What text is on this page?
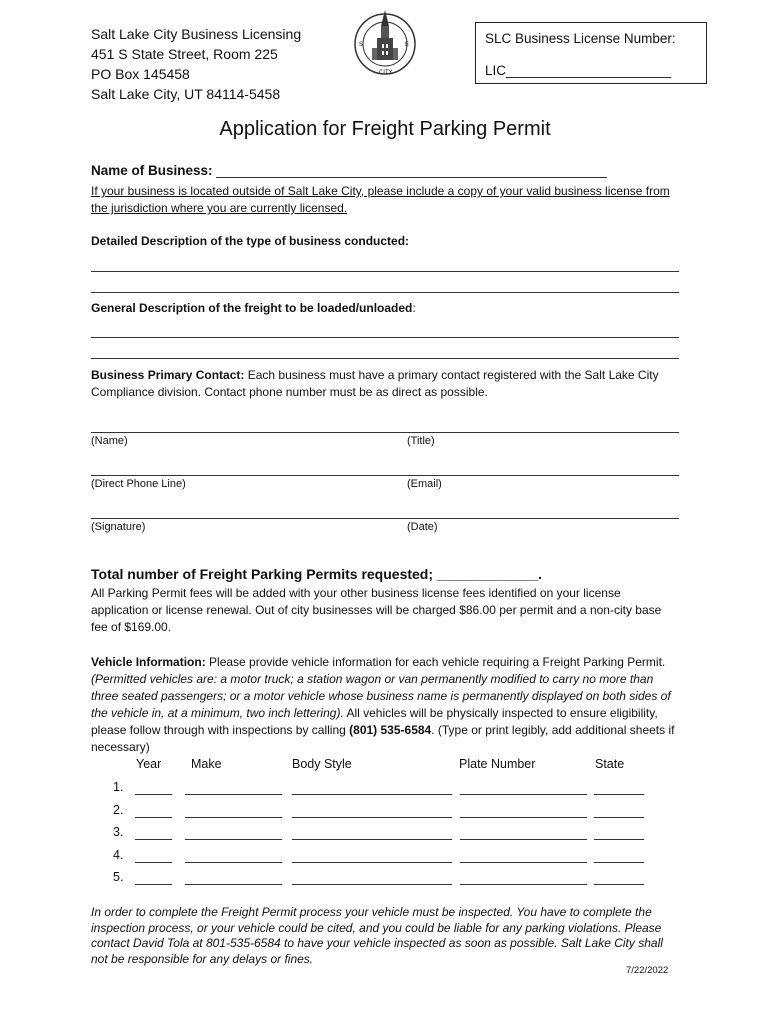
Salt Lake City Business Licensing
451 S State Street, Room 225
PO Box 145458
Salt Lake City, UT 84114-5458
S	E
CITY
SLC Business License Number:
LIC______________________
Application for Freight Parking Permit
Name of Business: ____________________________________________________
If your business is located outside of Salt Lake City, please include a copy of your valid business license from the jurisdiction where you are currently licensed.
Detailed Description of the type of business conducted:
General Description of the freight to be loaded/unloaded:
Business Primary Contact: Each business must have a primary contact registered with the Salt Lake City Compliance division. Contact phone number must be as direct as possible.
(Name)	(Title)
(Direct Phone Line)	(Email)
(Signature)	(Date)
Total number of Freight Parking Permits requested; _____________.
All Parking Permit fees will be added with your other business license fees identified on your license application or license renewal. Out of city businesses will be charged $86.00 per permit and a non-city base fee of $169.00.
Vehicle Information: Please provide vehicle information for each vehicle requiring a Freight Parking Permit. (Permitted vehicles are: a motor truck; a station wagon or van permanently modified to carry no more than three seated passengers; or a motor vehicle whose business name is permanently displayed on both sides of the vehicle in, at a minimum, two inch lettering). All vehicles will be physically inspected to ensure eligibility, please follow through with inspections by calling (801) 535-6584. (Type or print legibly, add additional sheets if necessary)
Year Make	Body Style	Plate Number	State
1.
2.
3.
4.
5.
In order to complete the Freight Permit process your vehicle must be inspected. You have to complete the inspection process, or your vehicle could be cited, and you could be liable for any parking violations. Please contact David Tola at 801-535-6584 to have your vehicle inspected as soon as possible. Salt Lake City shall not be responsible for any delays or fines.
7/22/2022
